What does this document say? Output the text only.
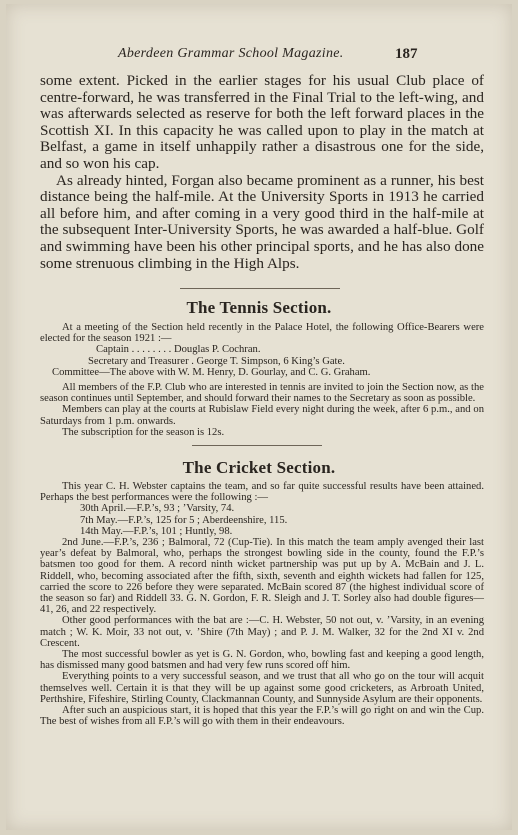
Aberdeen Grammar School Magazine.	187

some extent. Picked in the earlier stages for his usual Club place of centre-forward, he was transferred in the Final Trial to the left-wing, and was afterwards selected as reserve for both the left forward places in the Scottish XI. In this capacity he was called upon to play in the match at Belfast, a game in itself unhappily rather a disastrous one for the side, and so won his cap.

As already hinted, Forgan also became prominent as a runner, his best distance being the half-mile. At the University Sports in 1913 he carried all before him, and after coming in a very good third in the half-mile at the subsequent Inter-University Sports, he was awarded a half-blue. Golf and swimming have been his other principal sports, and he has also done some strenuous climbing in the High Alps.

The Tennis Section.

At a meeting of the Section held recently in the Palace Hotel, the following Office-Bearers were elected for the season 1921 :—

Captain . . . . . . . . Douglas P. Cochran.
Secretary and Treasurer . George T. Simpson, 6 King’s Gate.
Committee—The above with W. M. Henry, D. Gourlay, and C. G. Graham.

All members of the F.P. Club who are interested in tennis are invited to join the Section now, as the season continues until September, and should forward their names to the Secretary as soon as possible.

Members can play at the courts at Rubislaw Field every night during the week, after 6 p.m., and on Saturdays from 1 p.m. onwards.

The subscription for the season is 12s.

The Cricket Section.

This year C. H. Webster captains the team, and so far quite successful results have been attained. Perhaps the best performances were the following :—

30th April.—F.P.’s, 93 ; ’Varsity, 74.
7th May.—F.P.’s, 125 for 5 ; Aberdeenshire, 115.
14th May.—F.P.’s, 101 ; Huntly, 98.

2nd June.—F.P.’s, 236 ; Balmoral, 72 (Cup-Tie). In this match the team amply avenged their last year’s defeat by Balmoral, who, perhaps the strongest bowling side in the county, found the F.P.’s batsmen too good for them. A record ninth wicket partnership was put up by A. McBain and J. L. Riddell, who, becoming associated after the fifth, sixth, seventh and eighth wickets had fallen for 125, carried the score to 226 before they were separated. McBain scored 87 (the highest individual score of the season so far) and Riddell 33. G. N. Gordon, F. R. Sleigh and J. T. Sorley also had double figures—41, 26, and 22 respectively.

Other good performances with the bat are :—C. H. Webster, 50 not out, v. ’Varsity, in an evening match ; W. K. Moir, 33 not out, v. ’Shire (7th May) ; and P. J. M. Walker, 32 for the 2nd XI v. 2nd Crescent.

The most successful bowler as yet is G. N. Gordon, who, bowling fast and keeping a good length, has dismissed many good batsmen and had very few runs scored off him.

Everything points to a very successful season, and we trust that all who go on the tour will acquit themselves well. Certain it is that they will be up against some good cricketers, as Arbroath United, Perthshire, Fifeshire, Stirling County, Clackmannan County, and Sunnyside Asylum are their opponents.

After such an auspicious start, it is hoped that this year the F.P.’s will go right on and win the Cup. The best of wishes from all F.P.’s will go with them in their endeavours.
